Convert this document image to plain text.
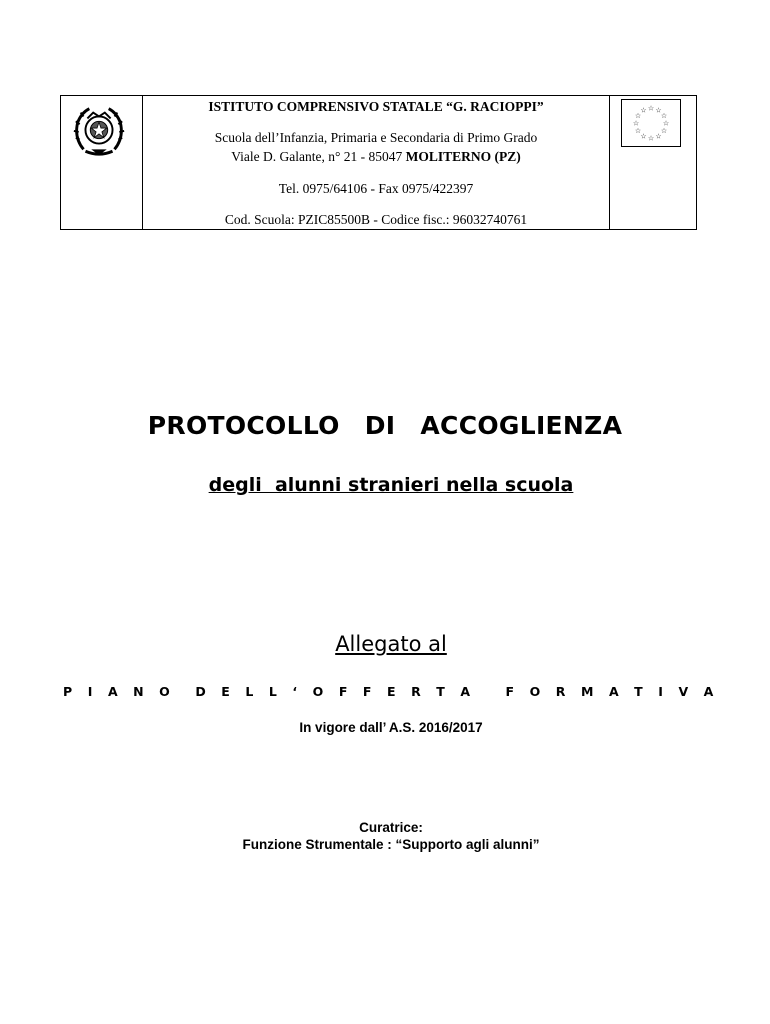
ISTITUTO COMPRENSIVO STATALE “G. RACIOPPI”
Scuola dell’Infanzia, Primaria e Secondaria di Primo Grado
Viale D. Galante, n° 21 - 85047 MOLITERNO (PZ)
Tel. 0975/64106 - Fax 0975/422397
Cod. Scuola: PZIC85500B - Codice fisc.: 96032740761

☆ ☆
☆
☆
☆
☆
☆
☆
☆
☆
☆
☆
PROTOCOLLO DI ACCOGLIENZA
degli  alunni stranieri nella scuola
Allegato al
P I A N O  D E L L ‘ O F F E R T A   F O R M A T I V A
In vigore dall’ A.S. 2016/2017
Curatrice:
Funzione Strumentale : “Supporto agli alunni”
